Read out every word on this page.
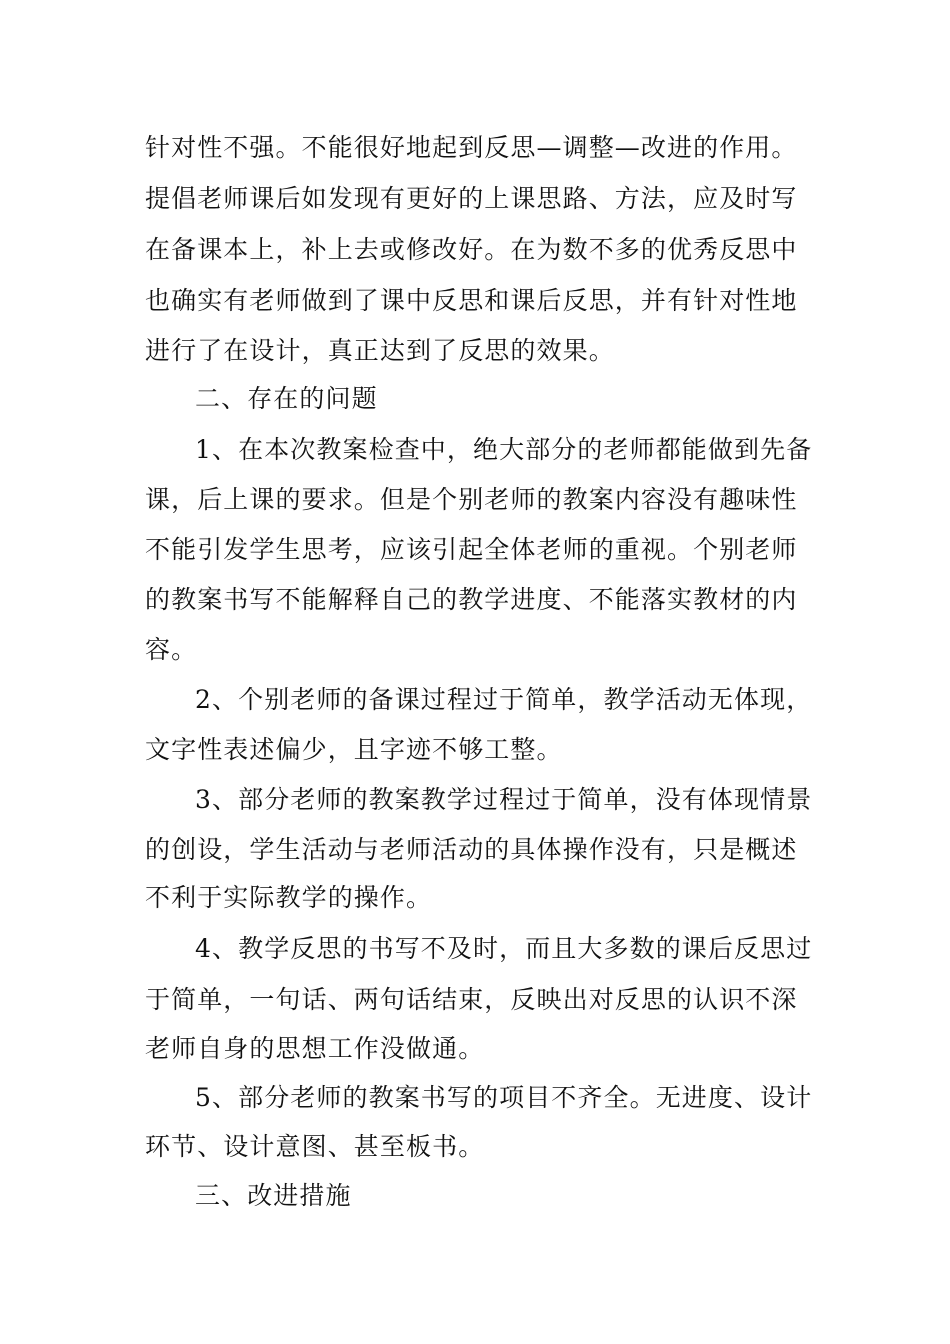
针对性不强。不能很好地起到反思—调整—改进的作用。
提倡老师课后如发现有更好的上课思路、方法，应及时写
在备课本上，补上去或修改好。在为数不多的优秀反思中
也确实有老师做到了课中反思和课后反思，并有针对性地
进行了在设计，真正达到了反思的效果。
二、存在的问题
1、在本次教案检查中，绝大部分的老师都能做到先备
课，后上课的要求。但是个别老师的教案内容没有趣味性
不能引发学生思考，应该引起全体老师的重视。个别老师
的教案书写不能解释自己的教学进度、不能落实教材的内
容。
2、个别老师的备课过程过于简单，教学活动无体现，
文字性表述偏少，且字迹不够工整。
3、部分老师的教案教学过程过于简单，没有体现情景
的创设，学生活动与老师活动的具体操作没有，只是概述
不利于实际教学的操作。
4、教学反思的书写不及时，而且大多数的课后反思过
于简单，一句话、两句话结束，反映出对反思的认识不深
老师自身的思想工作没做通。
5、部分老师的教案书写的项目不齐全。无进度、设计
环节、设计意图、甚至板书。
三、改进措施
